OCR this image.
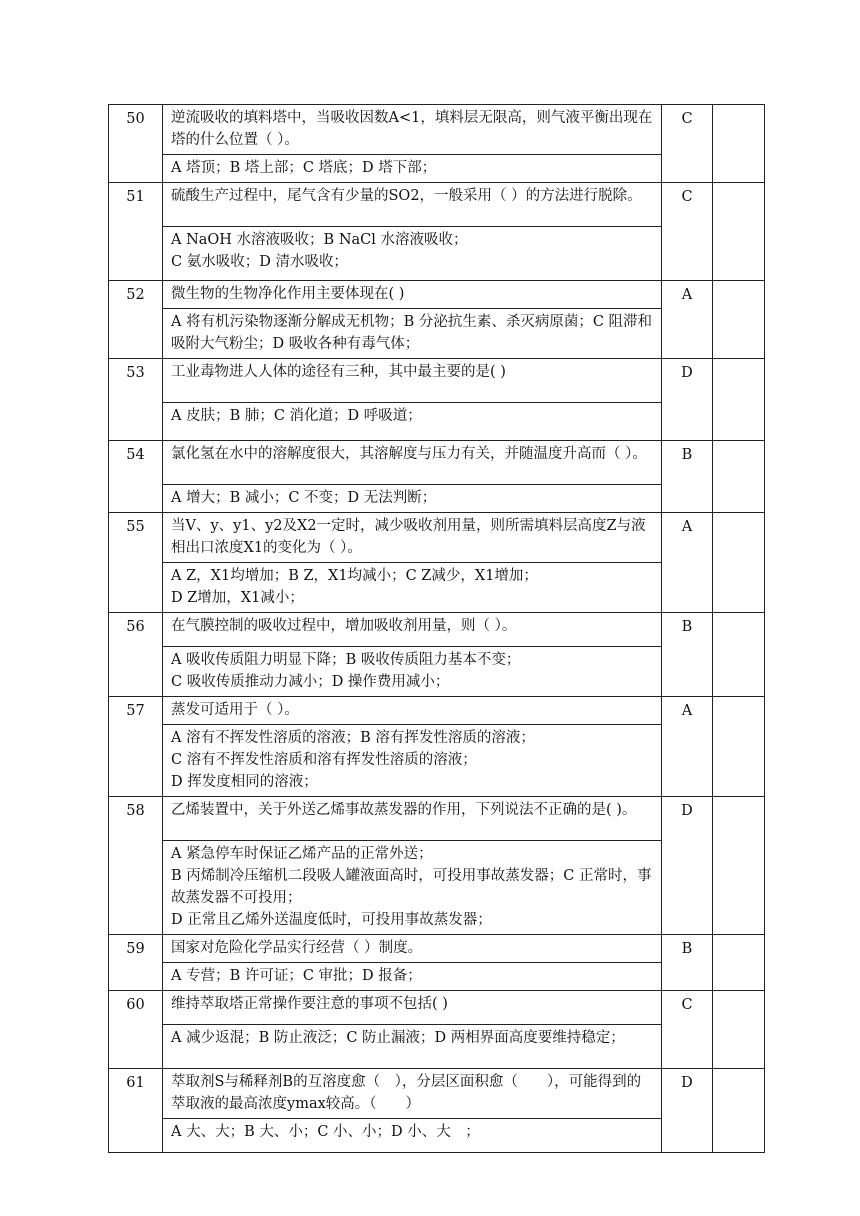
50	逆流吸收的填料塔中，当吸收因数A<1，填料层无限高，则气液平衡出现在塔的什么位置（ ）。	C	

	A 塔顶；B 塔上部；C 塔底；D 塔下部；		

51	硫酸生产过程中，尾气含有少量的SO2，一般采用（ ）的方法进行脱除。	C	

	A NaOH 水溶液吸收；B NaCl 水溶液吸收；
C 氨水吸收；D 清水吸收；		

52	微生物的生物净化作用主要体现在( )	A	

	A 将有机污染物逐渐分解成无机物；B 分泌抗生素、杀灭病原菌；C 阻滞和吸附大气粉尘；D 吸收各种有毒气体；		

53	工业毒物进人人体的途径有三种，其中最主要的是( )	D	

	A 皮肤；B 肺；C 消化道；D 呼吸道；		

54	氯化氢在水中的溶解度很大，其溶解度与压力有关，并随温度升高而（ ）。	B	

	A 增大；B 减小；C 不变；D 无法判断；		

55	当V、y、y1、y2及X2一定时，减少吸收剂用量，则所需填料层高度Z与液相出口浓度X1的变化为（ ）。	A	

	A Z，X1均增加；B Z，X1均减小；C Z减少，X1增加；
D Z增加，X1减小；		

56	在气膜控制的吸收过程中，增加吸收剂用量，则（ ）。	B	

	A 吸收传质阻力明显下降；B 吸收传质阻力基本不变；
C 吸收传质推动力减小；D 操作费用减小；		

57	蒸发可适用于（ ）。	A	

	A 溶有不挥发性溶质的溶液；B 溶有挥发性溶质的溶液；
C 溶有不挥发性溶质和溶有挥发性溶质的溶液；
D 挥发度相同的溶液；		

58	乙烯装置中，关于外送乙烯事故蒸发器的作用，下列说法不正确的是( )。	D	

	A 紧急停车时保证乙烯产品的正常外送；
B 丙烯制冷压缩机二段吸人罐液面高时，可投用事故蒸发器；C 正常时，事故蒸发器不可投用；
D 正常且乙烯外送温度低时，可投用事故蒸发器；		

59	国家对危险化学品实行经营（ ）制度。	B	

	A 专营；B 许可证；C 审批；D 报备；		

60	维持萃取塔正常操作要注意的事项不包括( )	C	

	A 减少返混；B 防止液泛；C 防止漏液；D 两相界面高度要维持稳定；		

61	萃取剂S与稀释剂B的互溶度愈（　），分层区面积愈（　　），可能得到的萃取液的最高浓度ymax较高。（　　）	D	

	A 大、大；B 大、小；C 小、小；D 小、大　；		
